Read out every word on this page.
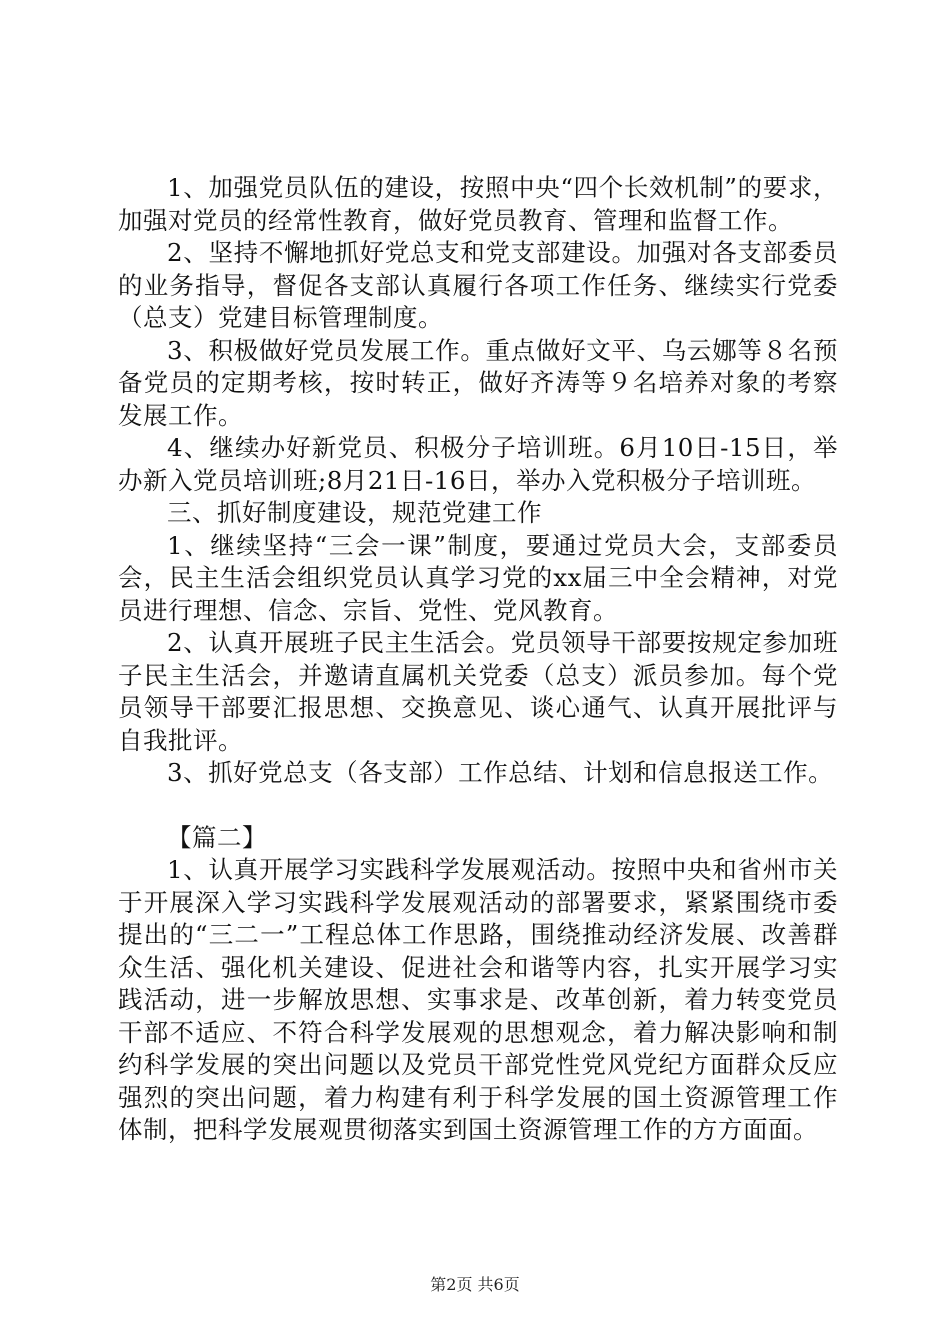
1、加强党员队伍的建设，按照中央“四个长效机制”的要求，加强对党员的经常性教育，做好党员教育、管理和监督工作。

2、坚持不懈地抓好党总支和党支部建设。加强对各支部委员的业务指导，督促各支部认真履行各项工作任务、继续实行党委（总支）党建目标管理制度。

3、积极做好党员发展工作。重点做好文平、乌云娜等８名预备党员的定期考核，按时转正，做好齐涛等９名培养对象的考察发展工作。

4、继续办好新党员、积极分子培训班。6月10日-15日，举办新入党员培训班;8月21日-16日，举办入党积极分子培训班。

三、抓好制度建设，规范党建工作

1、继续坚持“三会一课”制度，要通过党员大会，支部委员会，民主生活会组织党员认真学习党的xx届三中全会精神，对党员进行理想、信念、宗旨、党性、党风教育。

2、认真开展班子民主生活会。党员领导干部要按规定参加班子民主生活会，并邀请直属机关党委（总支）派员参加。每个党员领导干部要汇报思想、交换意见、谈心通气、认真开展批评与自我批评。

3、抓好党总支（各支部）工作总结、计划和信息报送工作。

【篇二】

1、认真开展学习实践科学发展观活动。按照中央和省州市关于开展深入学习实践科学发展观活动的部署要求，紧紧围绕市委提出的“三二一”工程总体工作思路，围绕推动经济发展、改善群众生活、强化机关建设、促进社会和谐等内容，扎实开展学习实践活动，进一步解放思想、实事求是、改革创新，着力转变党员干部不适应、不符合科学发展观的思想观念，着力解决影响和制约科学发展的突出问题以及党员干部党性党风党纪方面群众反应强烈的突出问题，着力构建有利于科学发展的国土资源管理工作体制，把科学发展观贯彻落实到国土资源管理工作的方方面面。

第2页 共6页
